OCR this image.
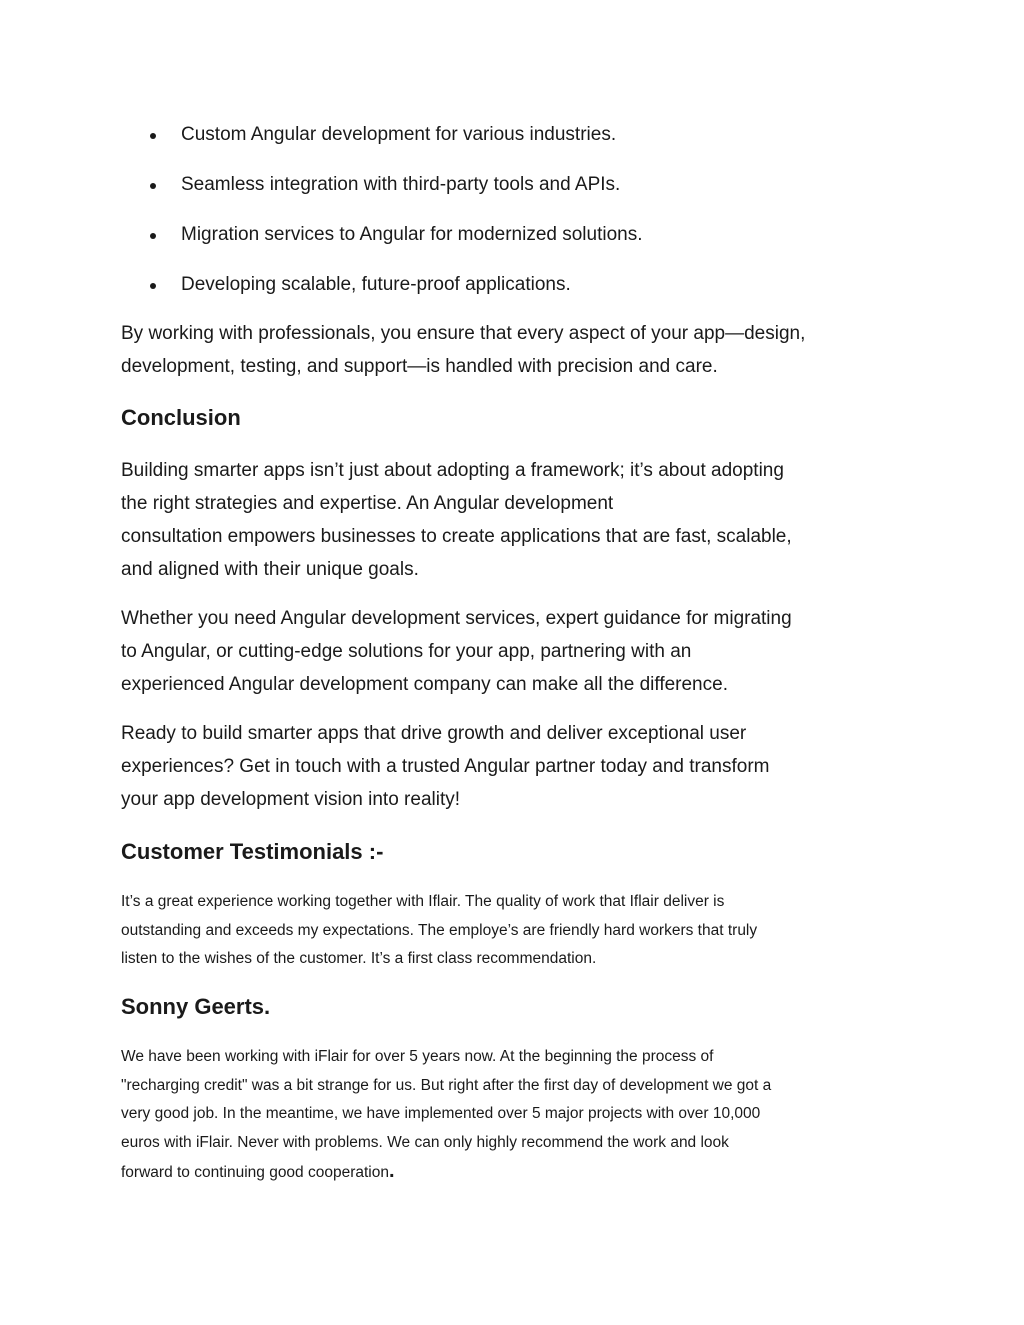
Custom Angular development for various industries.
Seamless integration with third-party tools and APIs.
Migration services to Angular for modernized solutions.
Developing scalable, future-proof applications.

By working with professionals, you ensure that every aspect of your app—design,
development, testing, and support—is handled with precision and care.

Conclusion

Building smarter apps isn’t just about adopting a framework; it’s about adopting
the right strategies and expertise. An Angular development
consultation empowers businesses to create applications that are fast, scalable,
and aligned with their unique goals.

Whether you need Angular development services, expert guidance for migrating
to Angular, or cutting-edge solutions for your app, partnering with an
experienced Angular development company can make all the difference.

Ready to build smarter apps that drive growth and deliver exceptional user
experiences? Get in touch with a trusted Angular partner today and transform
your app development vision into reality!

Customer Testimonials :-

It’s a great experience working together with Iflair. The quality of work that Iflair deliver is
outstanding and exceeds my expectations. The employe’s are friendly hard workers that truly
listen to the wishes of the customer. It’s a first class recommendation.

Sonny Geerts.

We have been working with iFlair for over 5 years now. At the beginning the process of
"recharging credit" was a bit strange for us. But right after the first day of development we got a
very good job. In the meantime, we have implemented over 5 major projects with over 10,000
euros with iFlair. Never with problems. We can only highly recommend the work and look
forward to continuing good cooperation.
